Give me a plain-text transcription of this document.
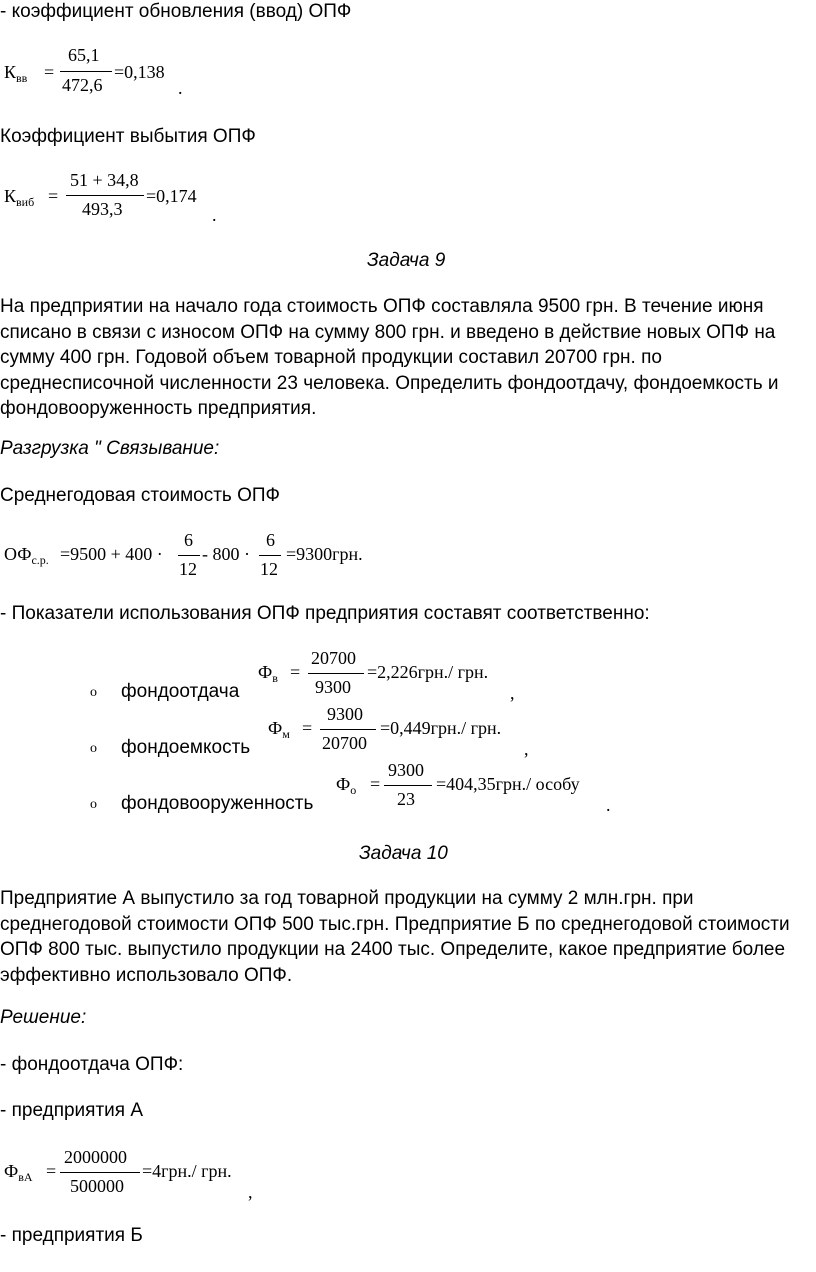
- коэффициент обновления (ввод) ОПФ
$К_{вв}$ =
65,1
472,6
=0,138
.
Коэффициент выбытия ОПФ
$К_{виб}$ =
51 + 34,8
493,3
=0,174
.
Задача 9
На предприятии на начало года стоимость ОПФ составляла 9500 грн. В течение июня списано в связи с износом ОПФ на сумму 800 грн. и введено в действие новых ОПФ на сумму 400 грн. Годовой объем товарной продукции составил 20700 грн. по среднесписочной численности 23 человека. Определить фондоотдачу, фондоемкость и фондовооруженность предприятия.
Разгрузка " Связывание:
Среднегодовая стоимость ОПФ
$ОФ_{с.р.} =9500 + 400$ ·
6
12
- 800 ·
6
12
=9300грн.
- Показатели использования ОПФ предприятия составят соответственно:
o фондоотдача
$Ф_в$ =
20700
9300
=2,226грн./ грн.
,
o фондоемкость
$Ф_м$ =
9300
20700
=0,449грн./ грн.
,
o фондовооруженность
$Ф_о$ =
9300
23
=404,35грн./ особу
.
Задача 10
Предприятие А выпустило за год товарной продукции на сумму 2 млн.грн. при среднегодовой стоимости ОПФ 500 тыс.грн. Предприятие Б по среднегодовой стоимости ОПФ 800 тыс. выпустило продукции на 2400 тыс. Определите, какое предприятие более эффективно использовало ОПФ.
Решение:
- фондоотдача ОПФ:
- предприятия А
$Ф_{вА}$ =
2000000
500000
=4грн./ грн.
,
- предприятия Б
